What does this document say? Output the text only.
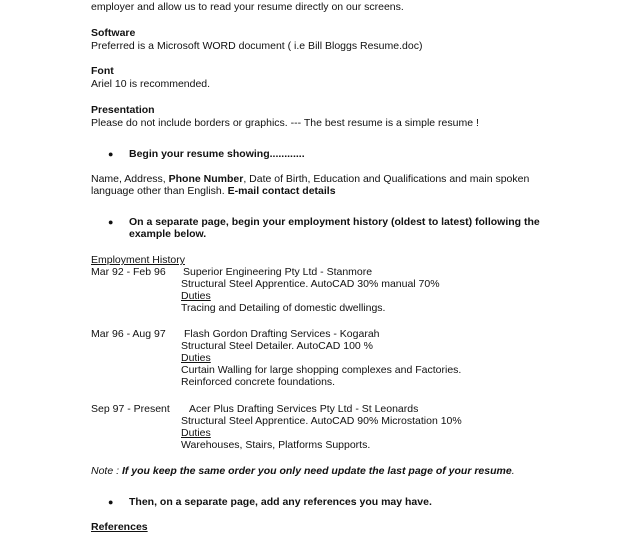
employer and allow us to read your resume directly on our screens.
Software
Preferred is a Microsoft WORD document ( i.e Bill Bloggs Resume.doc)
Font
Ariel 10 is recommended.
Presentation
Please do not include borders or graphics. --- The best resume is a simple resume !
● Begin your resume showing............
Name, Address, Phone Number, Date of Birth, Education and Qualifications and main spoken
language other than English. E-mail contact details
● On a separate page, begin your employment history (oldest to latest) following the
example below.
Employment History
Mar 92 - Feb 96 Superior Engineering Pty Ltd - Stanmore
Structural Steel Apprentice. AutoCAD 30% manual 70%
Duties
Tracing and Detailing of domestic dwellings.
Mar 96 - Aug 97 Flash Gordon Drafting Services - Kogarah
Structural Steel Detailer. AutoCAD 100 %
Duties
Curtain Walling for large shopping complexes and Factories.
Reinforced concrete foundations.
Sep 97 - Present Acer Plus Drafting Services Pty Ltd - St Leonards
Structural Steel Apprentice. AutoCAD 90% Microstation 10%
Duties
Warehouses, Stairs, Platforms Supports.
Note : If you keep the same order you only need update the last page of your resume.
● Then, on a separate page, add any references you may have.
References
